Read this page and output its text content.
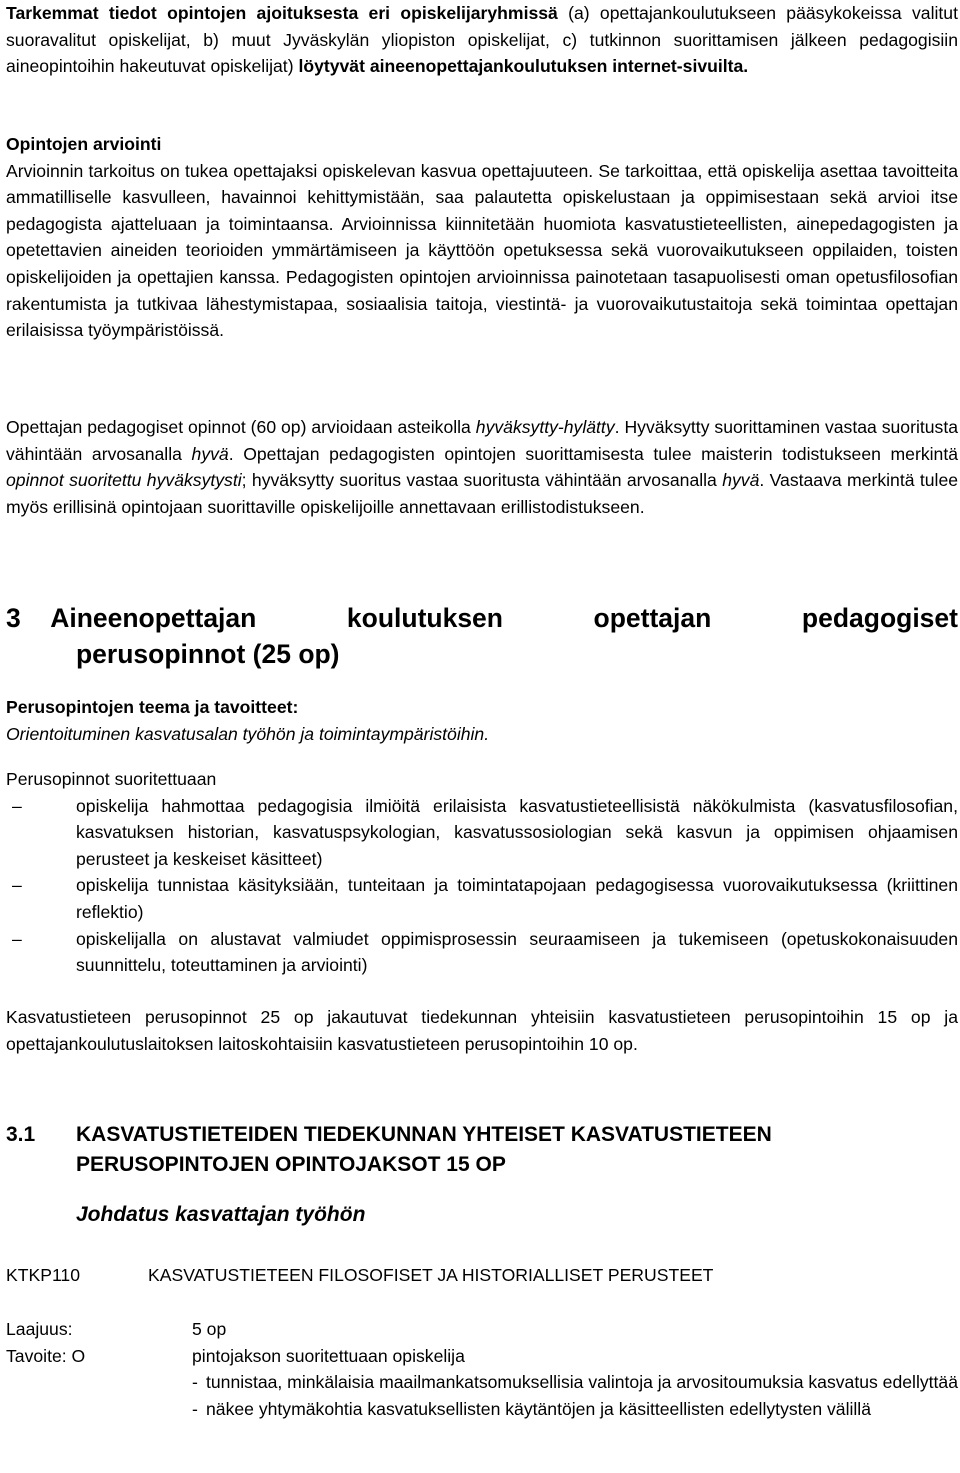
Tarkemmat tiedot opintojen ajoituksesta eri opiskelijaryhmissä (a) opettajankoulutukseen pääsykokeissa valitut suoravalitut opiskelijat, b) muut Jyväskylän yliopiston opiskelijat, c) tutkinnon suorittamisen jälkeen pedagogisiin aineopintoihin hakeutuvat opiskelijat) löytyvät aineenopettajankoulutuksen internet-sivuilta.

Opintojen arviointi

Arvioinnin tarkoitus on tukea opettajaksi opiskelevan kasvua opettajuuteen. Se tarkoittaa, että opiskelija asettaa tavoitteita ammatilliselle kasvulleen, havainnoi kehittymistään, saa palautetta opiskelustaan ja oppimisestaan sekä arvioi itse pedagogista ajatteluaan ja toimintaansa. Arvioinnissa kiinnitetään huomiota kasvatustieteellisten, ainepedagogisten ja opetettavien aineiden teorioiden ymmärtämiseen ja käyttöön opetuksessa sekä vuorovaikutukseen oppilaiden, toisten opiskelijoiden ja opettajien kanssa. Pedagogisten opintojen arvioinnissa painotetaan tasapuolisesti oman opetusfilosofian rakentumista ja tutkivaa lähestymistapaa, sosiaalisia taitoja, viestintä- ja vuorovaikutustaitoja sekä toimintaa opettajan erilaisissa työympäristöissä.

Opettajan pedagogiset opinnot (60 op) arvioidaan asteikolla hyväksytty-hylätty. Hyväksytty suorittaminen vastaa suoritusta vähintään arvosanalla hyvä. Opettajan pedagogisten opintojen suorittamisesta tulee maisterin todistukseen merkintä opinnot suoritettu hyväksytysti; hyväksytty suoritus vastaa suoritusta vähintään arvosanalla hyvä. Vastaava merkintä tulee myös erillisinä opintojaan suorittaville opiskelijoille annettavaan erillistodistukseen.

3 Aineenopettajan	koulutuksen	opettajan	pedagogiset
perusopinnot (25 op)

Perusopintojen teema ja tavoitteet:

Orientoituminen kasvatusalan työhön ja toimintaympäristöihin.

Perusopinnot suoritettuaan

– opiskelija hahmottaa pedagogisia ilmiöitä erilaisista kasvatustieteellisistä näkökulmista (kasvatusfilosofian, kasvatuksen historian, kasvatuspsykologian, kasvatussosiologian sekä kasvun ja oppimisen ohjaamisen perusteet ja keskeiset käsitteet)
– opiskelija tunnistaa käsityksiään, tunteitaan ja toimintatapojaan pedagogisessa vuorovaikutuksessa (kriittinen reflektio)
– opiskelijalla on alustavat valmiudet oppimisprosessin seuraamiseen ja tukemiseen (opetuskokonaisuuden suunnittelu, toteuttaminen ja arviointi)

Kasvatustieteen perusopinnot 25 op jakautuvat tiedekunnan yhteisiin kasvatustieteen perusopintoihin 15 op ja opettajankoulutuslaitoksen laitoskohtaisiin kasvatustieteen perusopintoihin 10 op.

3.1 KASVATUSTIETEIDEN TIEDEKUNNAN YHTEISET KASVATUSTIETEEN PERUSOPINTOJEN OPINTOJAKSOT 15 OP
Johdatus kasvattajan työhön
KTKP110	KASVATUSTIETEEN FILOSOFISET JA HISTORIALLISET PERUSTEET
Laajuus:	5 op
Tavoite: O	pintojakson suoritettuaan opiskelija
- tunnistaa, minkälaisia maailmankatsomuksellisia valintoja ja arvositoumuksia kasvatus edellyttää
- näkee yhtymäkohtia kasvatuksellisten käytäntöjen ja käsitteellisten edellytysten välillä
